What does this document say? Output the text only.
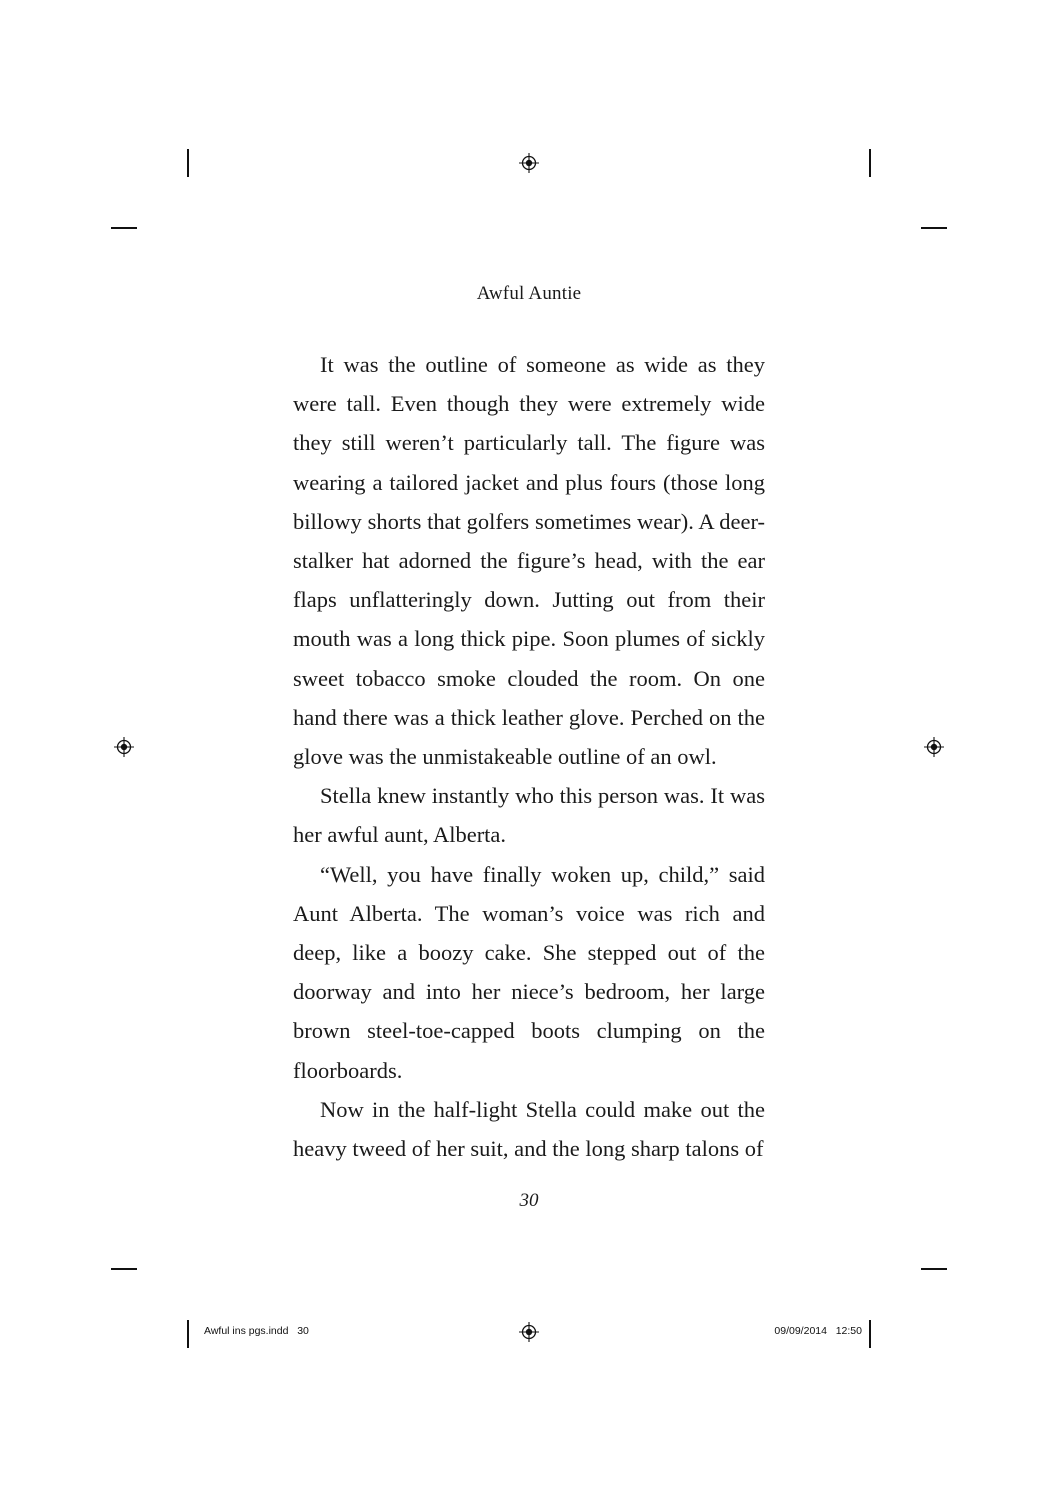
Awful Auntie

It was the outline of someone as wide as they were tall. Even though they were extremely wide they still weren’t particularly tall. The figure was wearing a tailored jacket and plus fours (those long billowy shorts that golfers sometimes wear). A deer-stalker hat adorned the figure’s head, with the ear flaps unflatteringly down. Jutting out from their mouth was a long thick pipe. Soon plumes of sickly sweet tobacco smoke clouded the room. On one hand there was a thick leather glove. Perched on the glove was the unmistakeable outline of an owl.

Stella knew instantly who this person was. It was her awful aunt, Alberta.

“Well, you have finally woken up, child,” said Aunt Alberta. The woman’s voice was rich and deep, like a boozy cake. She stepped out of the doorway and into her niece’s bedroom, her large brown steel-toe-capped boots clumping on the floorboards.

Now in the half-light Stella could make out the heavy tweed of her suit, and the long sharp talons of

30
Awful ins pgs.indd   30	09/09/2014   12:50
